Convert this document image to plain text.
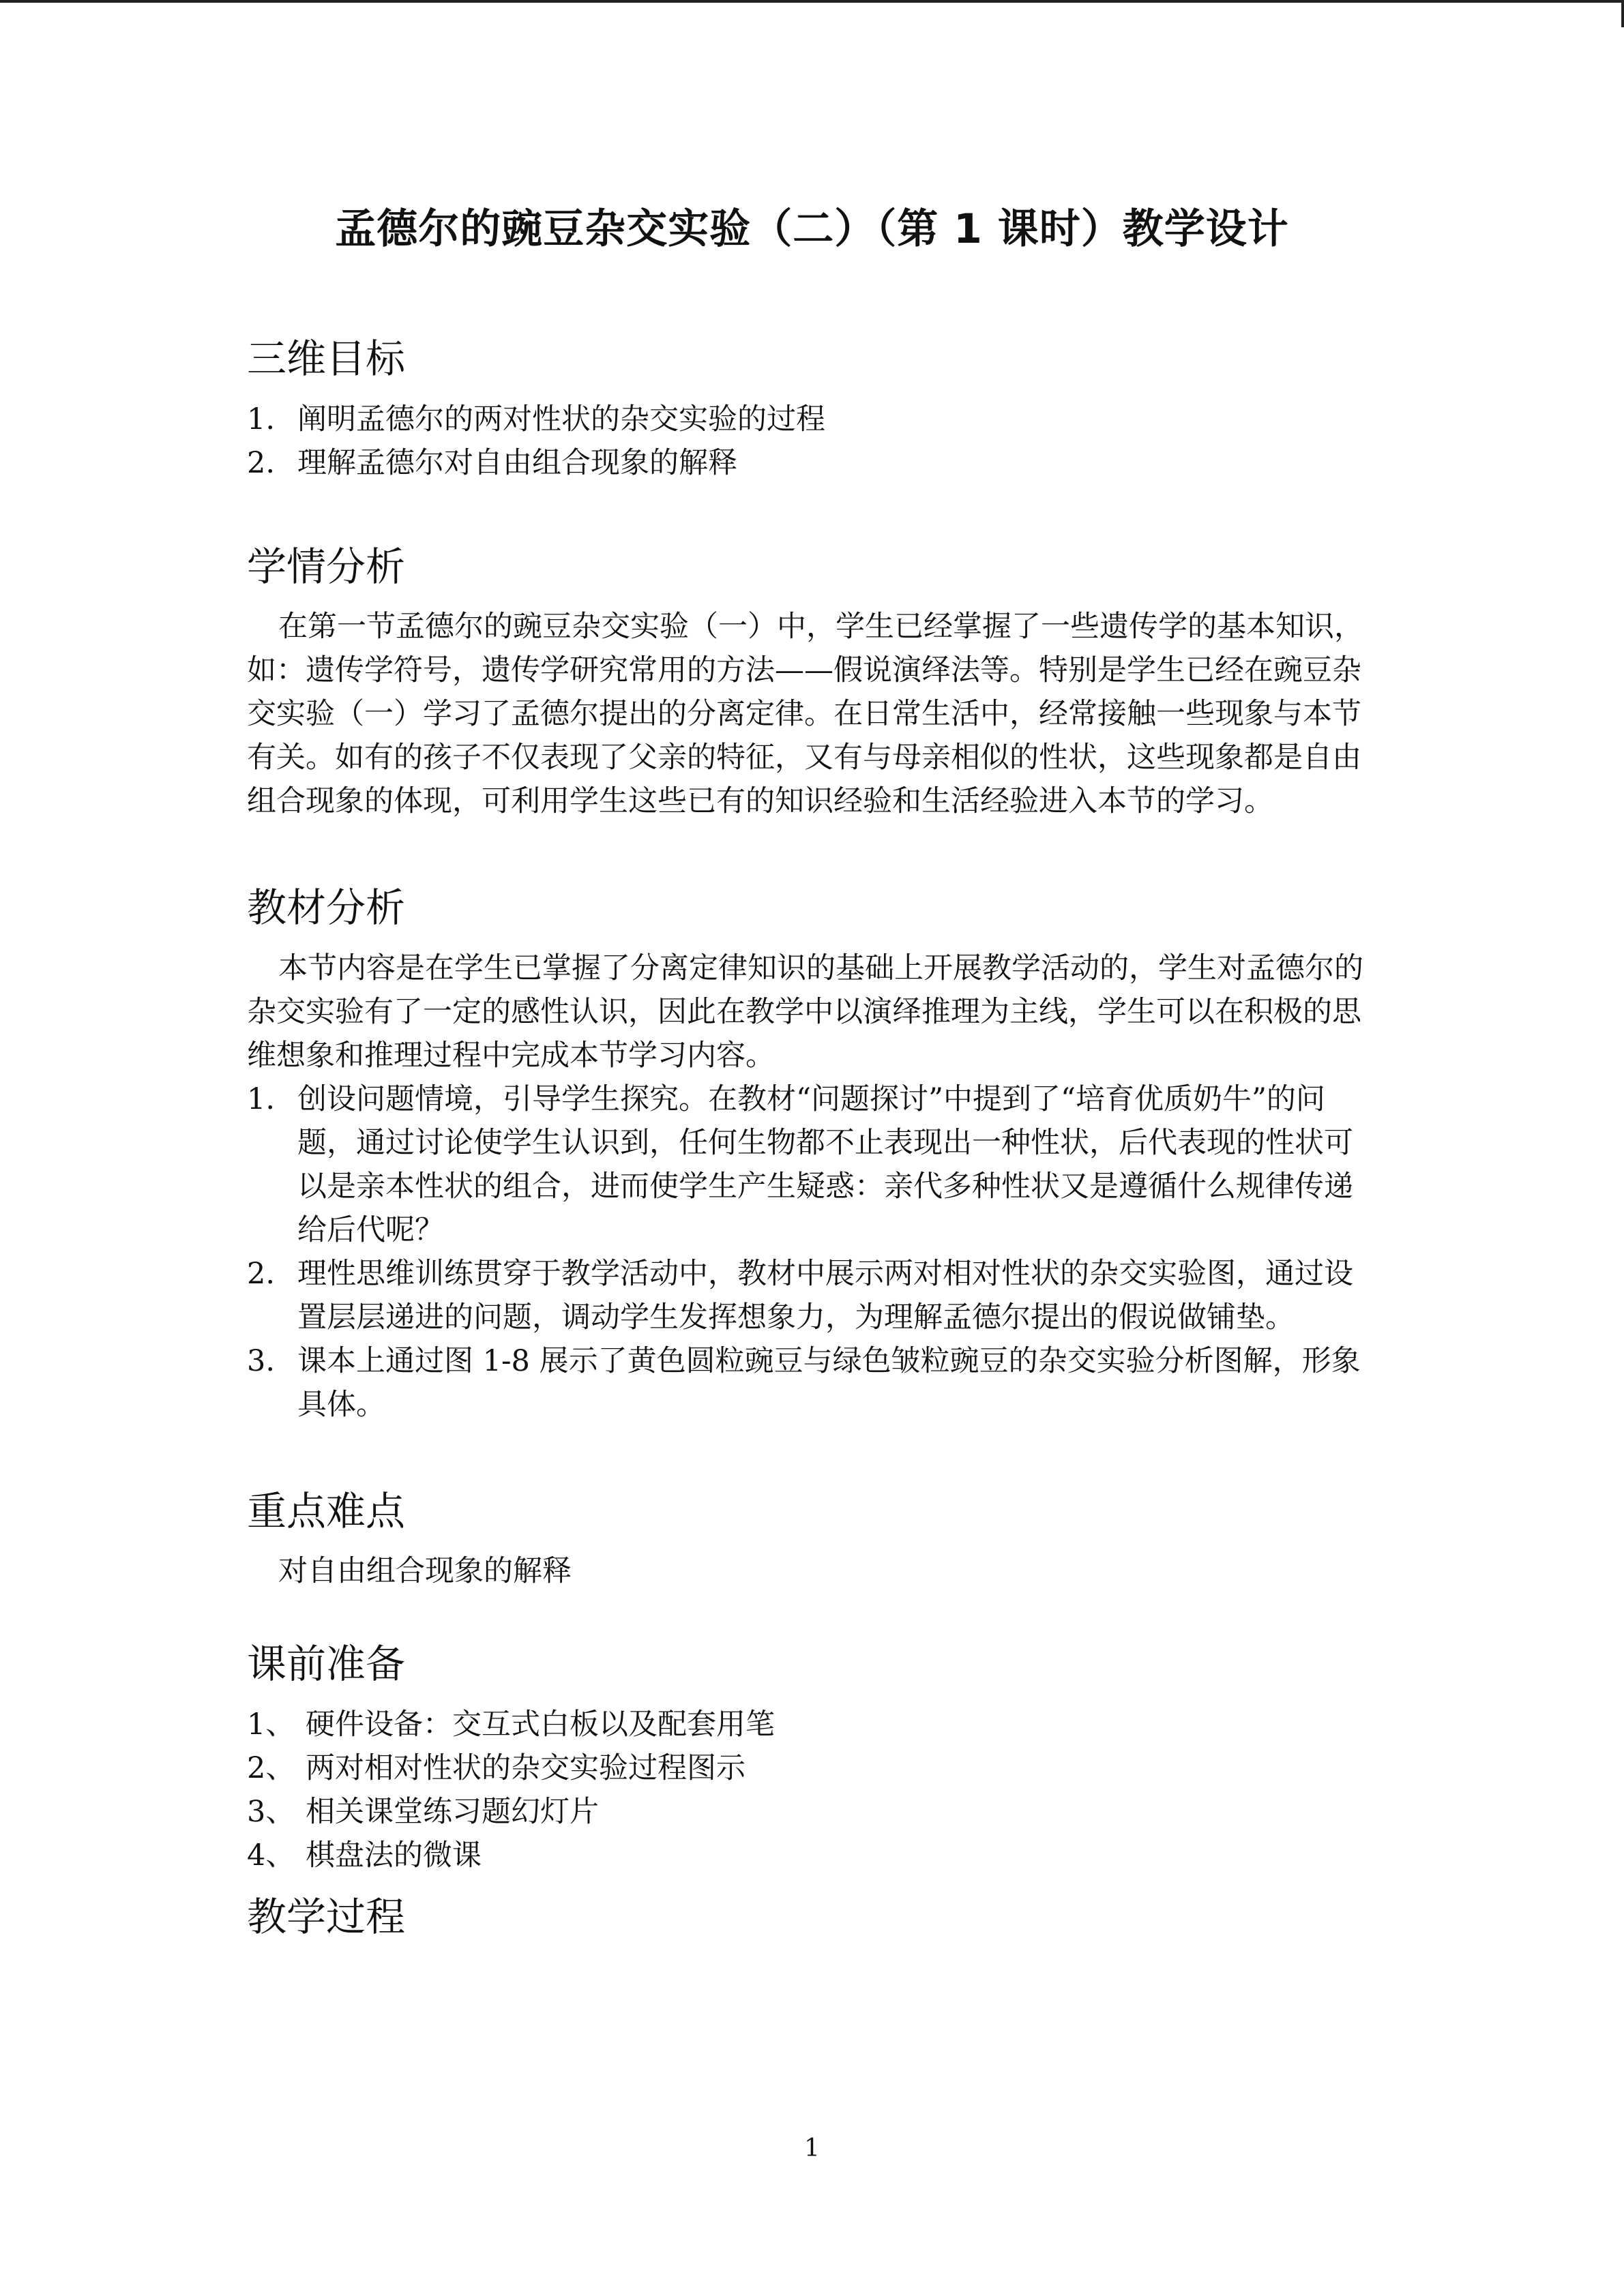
孟德尔的豌豆杂交实验（二）（第 1 课时）教学设计
三维目标
1. 阐明孟德尔的两对性状的杂交实验的过程
2. 理解孟德尔对自由组合现象的解释
学情分析

在第一节孟德尔的豌豆杂交实验（一）中，学生已经掌握了一些遗传学的基本知识，如：遗传学符号，遗传学研究常用的方法——假说演绎法等。特别是学生已经在豌豆杂交实验（一）学习了孟德尔提出的分离定律。在日常生活中，经常接触一些现象与本节有关。如有的孩子不仅表现了父亲的特征，又有与母亲相似的性状，这些现象都是自由组合现象的体现，可利用学生这些已有的知识经验和生活经验进入本节的学习。

教材分析

本节内容是在学生已掌握了分离定律知识的基础上开展教学活动的，学生对孟德尔的杂交实验有了一定的感性认识，因此在教学中以演绎推理为主线，学生可以在积极的思维想象和推理过程中完成本节学习内容。

1. 创设问题情境，引导学生探究。在教材“问题探讨”中提到了“培育优质奶牛”的问题，通过讨论使学生认识到，任何生物都不止表现出一种性状，后代表现的性状可以是亲本性状的组合，进而使学生产生疑惑：亲代多种性状又是遵循什么规律传递给后代呢？
2. 理性思维训练贯穿于教学活动中，教材中展示两对相对性状的杂交实验图，通过设置层层递进的问题，调动学生发挥想象力，为理解孟德尔提出的假说做铺垫。
3. 课本上通过图 1-8 展示了黄色圆粒豌豆与绿色皱粒豌豆的杂交实验分析图解，形象具体。
重点难点

对自由组合现象的解释

课前准备
1、 硬件设备：交互式白板以及配套用笔
2、 两对相对性状的杂交实验过程图示
3、 相关课堂练习题幻灯片
4、 棋盘法的微课
教学过程
1
